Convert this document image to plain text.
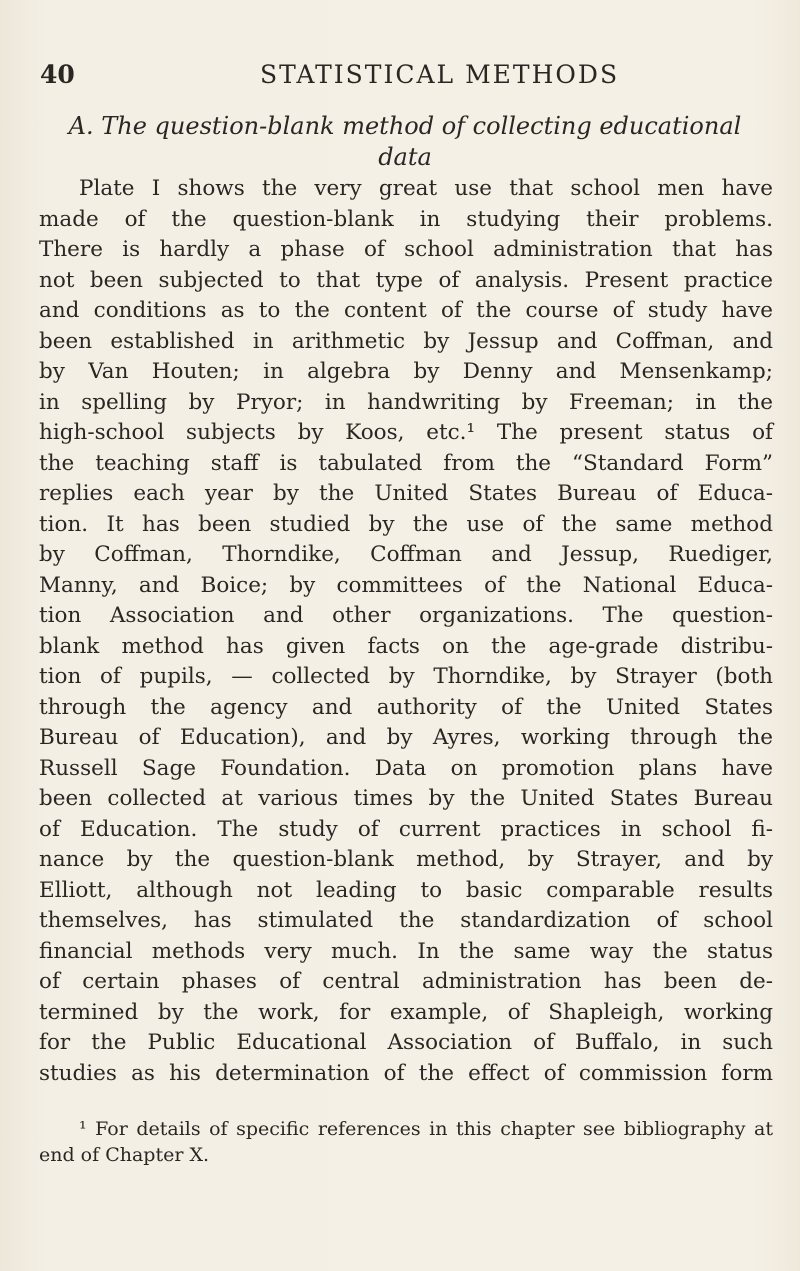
40	STATISTICAL METHODS
A. The question-blank method of collecting educational
data
Plate I shows the very great use that school men have
made of the question-blank in studying their problems.
There is hardly a phase of school administration that has
not been subjected to that type of analysis. Present practice
and conditions as to the content of the course of study have
been established in arithmetic by Jessup and Coffman, and
by Van Houten; in algebra by Denny and Mensenkamp;
in spelling by Pryor; in handwriting by Freeman; in the
high-school subjects by Koos, etc.¹ The present status of
the teaching staff is tabulated from the “Standard Form”
replies each year by the United States Bureau of Educa-
tion. It has been studied by the use of the same method
by Coffman, Thorndike, Coffman and Jessup, Ruediger,
Manny, and Boice; by committees of the National Educa-
tion Association and other organizations. The question-
blank method has given facts on the age-grade distribu-
tion of pupils, — collected by Thorndike, by Strayer (both
through the agency and authority of the United States
Bureau of Education), and by Ayres, working through the
Russell Sage Foundation. Data on promotion plans have
been collected at various times by the United States Bureau
of Education. The study of current practices in school fi-
nance by the question-blank method, by Strayer, and by
Elliott, although not leading to basic comparable results
themselves, has stimulated the standardization of school
financial methods very much. In the same way the status
of certain phases of central administration has been de-
termined by the work, for example, of Shapleigh, working
for the Public Educational Association of Buffalo, in such
studies as his determination of the effect of commission form
¹ For details of specific references in this chapter see bibliography at
end of Chapter X.
